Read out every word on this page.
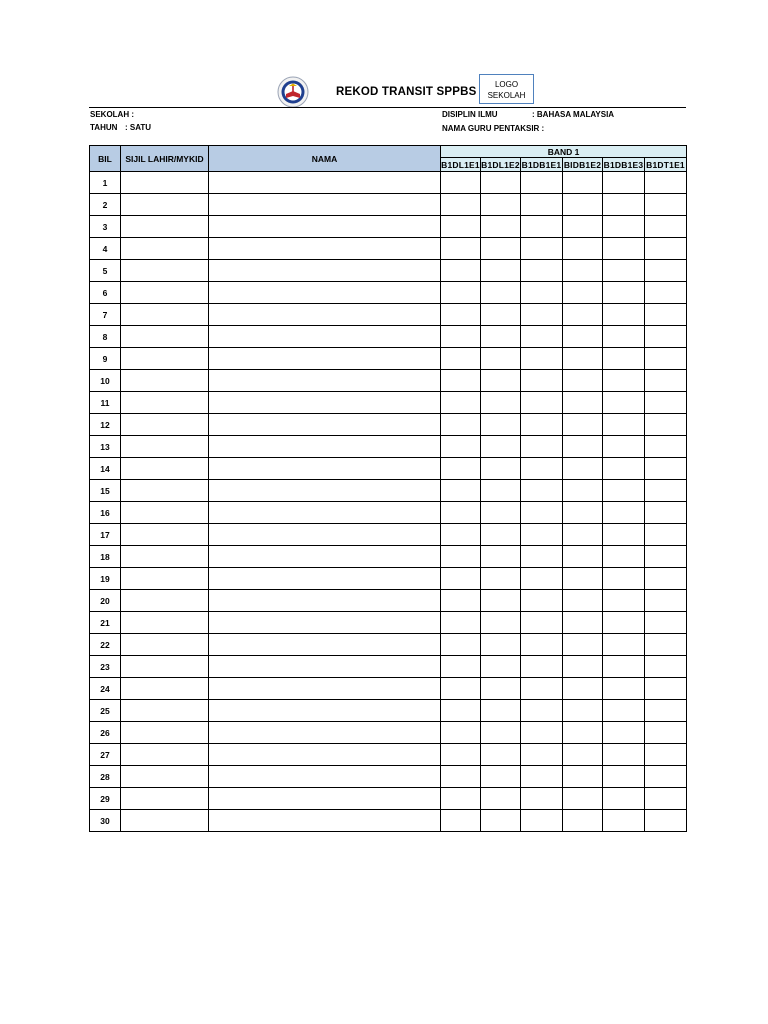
REKOD TRANSIT SPPBS
LOGO
SEKOLAH
SEKOLAH :
TAHUN : SATU
DISIPLIN ILMU	: BAHASA MALAYSIA
NAMA GURU PENTAKSIR :
BIL	SIJIL LAHIR/MYKID	NAMA	BAND 1					
			B1DL1E1	B1DL1E2	B1DB1E1	BIDB1E2	B1DB1E3	B1DT1E1
1								
2								
3								
4								
5								
6								
7								
8								
9								
10								
11								
12								
13								
14								
15								
16								
17								
18								
19								
20								
21								
22								
23								
24								
25								
26								
27								
28								
29								
30								
